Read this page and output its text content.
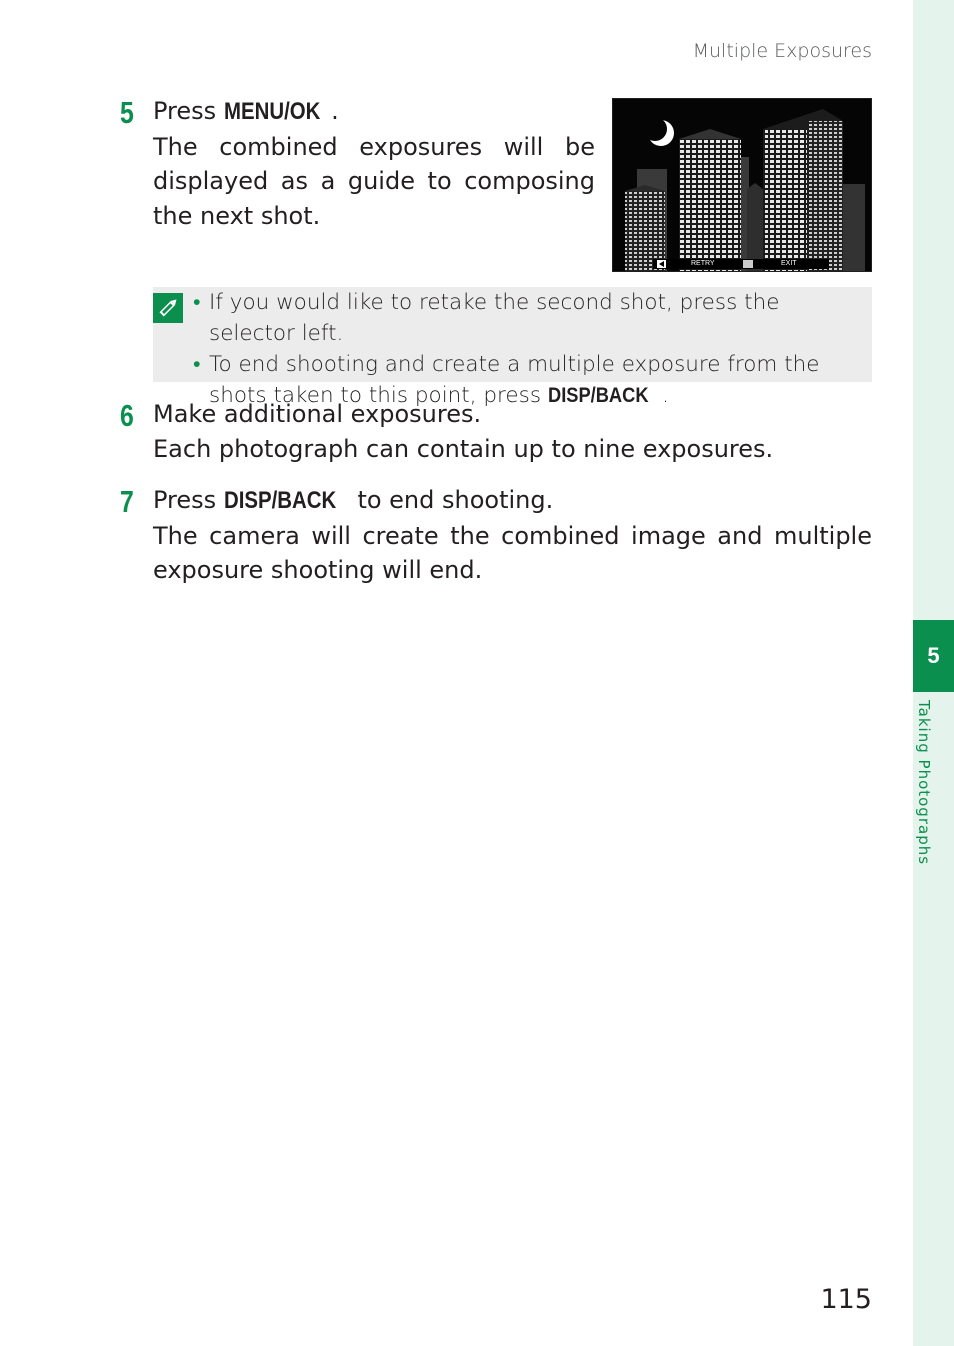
5
Taking Photographs
Multiple Exposures
5 Press MENU/OK .
The combined exposures will be displayed as a guide to composing the next shot.
RETRY	EXIT
• If you would like to retake the second shot, press the selector left.
• To end shooting and create a multiple exposure from the shots taken to this point, press DISP/BACK .
6 Make additional exposures.
Each photograph can contain up to nine exposures.
7 Press DISP/BACK to end shooting.
The camera will create the combined image and multiple exposure shooting will end.
115
